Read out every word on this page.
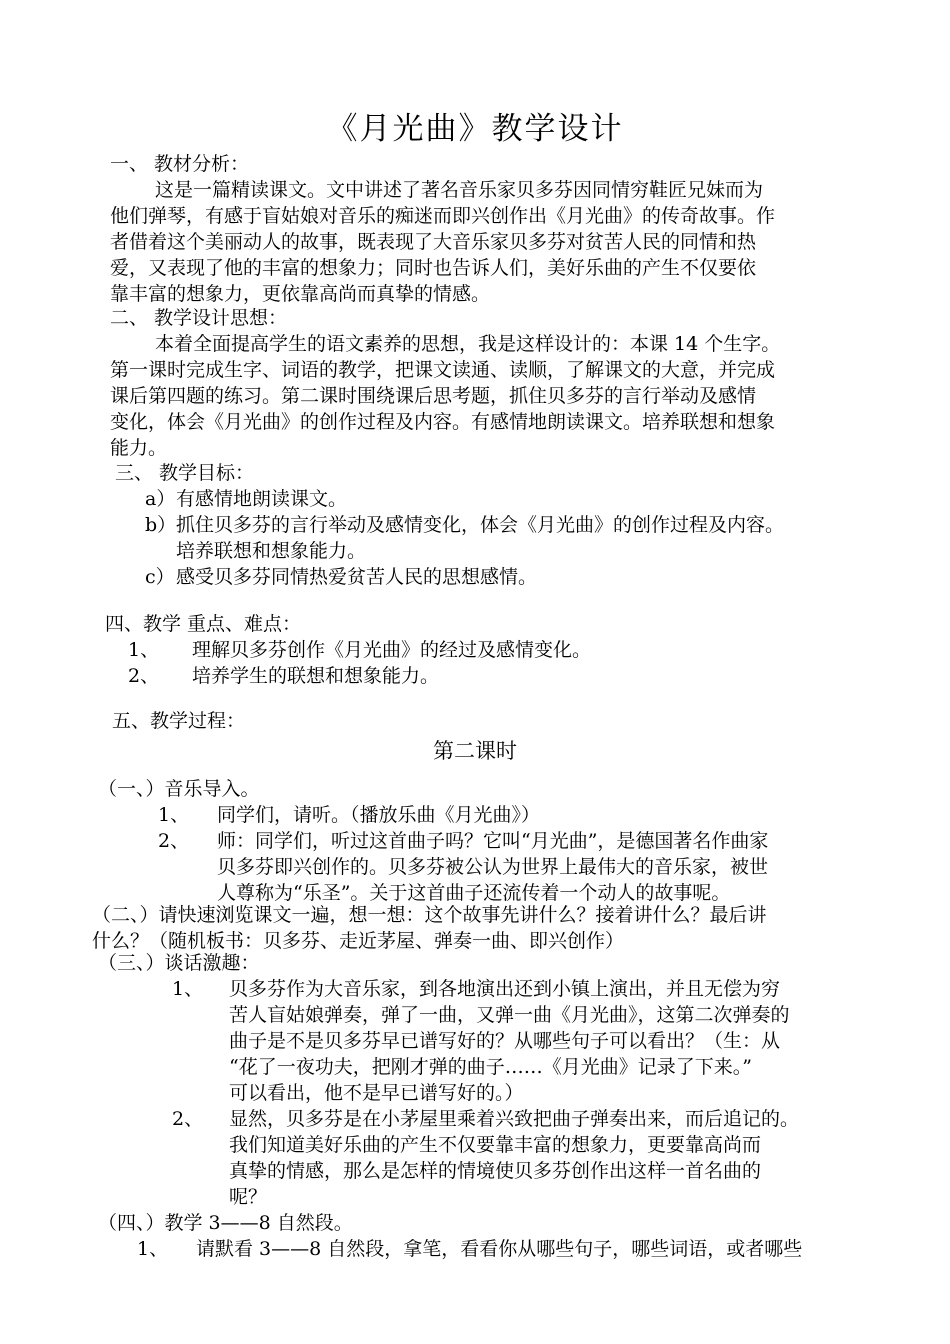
《月光曲》教学设计
一、 教材分析：
这是一篇精读课文。文中讲述了著名音乐家贝多芬因同情穷鞋匠兄妹而为
他们弹琴，有感于盲姑娘对音乐的痴迷而即兴创作出《月光曲》的传奇故事。作
者借着这个美丽动人的故事，既表现了大音乐家贝多芬对贫苦人民的同情和热
爱，又表现了他的丰富的想象力；同时也告诉人们，美好乐曲的产生不仅要依
靠丰富的想象力，更依靠高尚而真挚的情感。
二、 教学设计思想：
本着全面提高学生的语文素养的思想，我是这样设计的：本课 14 个生字。
第一课时完成生字、词语的教学，把课文读通、读顺，了解课文的大意，并完成
课后第四题的练习。第二课时围绕课后思考题，抓住贝多芬的言行举动及感情
变化，体会《月光曲》的创作过程及内容。有感情地朗读课文。培养联想和想象
能力。
三、 教学目标：
a） 有感情地朗读课文。
b） 抓住贝多芬的言行举动及感情变化，体会《月光曲》的创作过程及内容。
培养联想和想象能力。
c） 感受贝多芬同情热爱贫苦人民的思想感情。
四、教学 重点、难点：
1、 理解贝多芬创作《月光曲》的经过及感情变化。
2、 培养学生的联想和想象能力。
五、教学过程：
第二课时
（一、）音乐导入。
1、 同学们，请听。（播放乐曲《月光曲》）
2、 师：同学们，听过这首曲子吗？它叫“月光曲”，是德国著名作曲家
贝多芬即兴创作的。贝多芬被公认为世界上最伟大的音乐家，被世
人尊称为“乐圣”。关于这首曲子还流传着一个动人的故事呢。
（二、）请快速浏览课文一遍，想一想：这个故事先讲什么？接着讲什么？最后讲
什么？（随机板书：贝多芬、走近茅屋、弹奏一曲、即兴创作）
（三、）谈话激趣：
1、 贝多芬作为大音乐家，到各地演出还到小镇上演出，并且无偿为穷
苦人盲姑娘弹奏，弹了一曲，又弹一曲《月光曲》，这第二次弹奏的
曲子是不是贝多芬早已谱写好的？从哪些句子可以看出？（生：从
“花了一夜功夫，把刚才弹的曲子……《月光曲》记录了下来。”
可以看出，他不是早已谱写好的。）
2、 显然，贝多芬是在小茅屋里乘着兴致把曲子弹奏出来，而后追记的。
我们知道美好乐曲的产生不仅要靠丰富的想象力，更要靠高尚而
真挚的情感，那么是怎样的情境使贝多芬创作出这样一首名曲的
呢？
（四、）教学 3——8 自然段。
1、 请默看 3——8 自然段，拿笔，看看你从哪些句子，哪些词语，或者哪些
